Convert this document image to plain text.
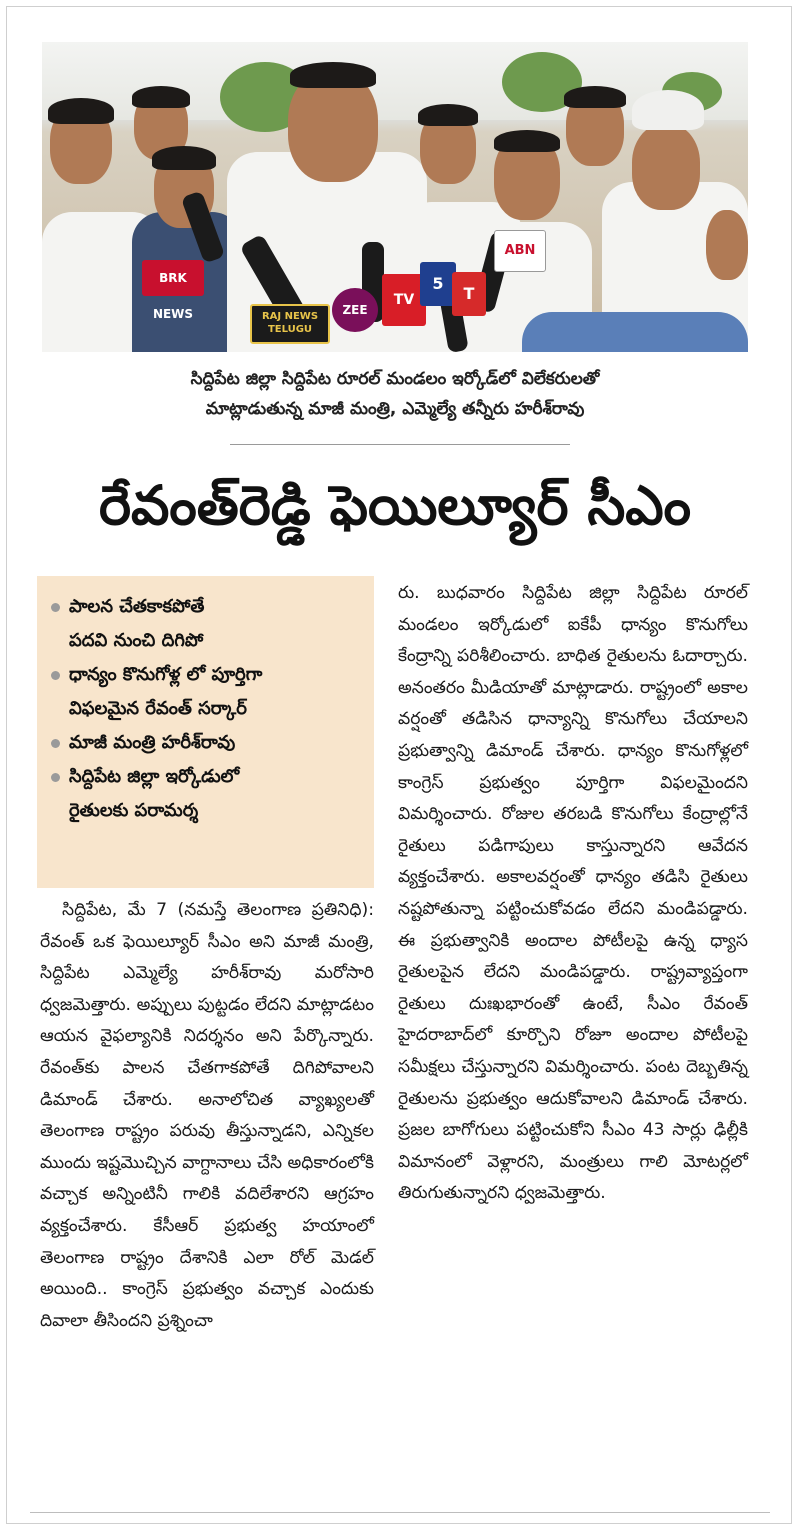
BRK NEWS	RAJ NEWS TELUGU
ABN
ZEE
TV
5
T
సిద్దిపేట జిల్లా సిద్దిపేట రూరల్ మండలం ఇర్కోడ్‌లో విలేకరులతో
మాట్లాడుతున్న మాజీ మంత్రి, ఎమ్మెల్యే తన్నీరు హరీశ్‌రావు
రేవంత్‌రెడ్డి ఫెయిల్యూర్ సీఎం
పాలన చేతకాకపోతే
పదవి నుంచి దిగిపో
ధాన్యం కొనుగోళ్ల లో పూర్తిగా
విఫలమైన రేవంత్ సర్కార్
మాజీ మంత్రి హరీశ్‌రావు
సిద్దిపేట జిల్లా ఇర్కోడులో
రైతులకు పరామర్శ

సిద్దిపేట, మే 7 (నమస్తే తెలంగాణ ప్రతినిధి): రేవంత్ ఒక ఫెయిల్యూర్ సీఎం అని మాజీ మంత్రి, సిద్దిపేట ఎమ్మెల్యే హరీశ్‌రావు మరోసారి ధ్వజమెత్తారు. అప్పులు పుట్టడం లేదని మాట్లాడటం ఆయన వైఫల్యానికి నిదర్శనం అని పేర్కొన్నారు. రేవంత్‌కు పాలన చేతగాకపోతే దిగిపోవాలని డిమాండ్ చేశారు. అనాలోచిత వ్యాఖ్యలతో తెలంగాణ రాష్ట్రం పరువు తీస్తున్నాడని, ఎన్నికల ముందు ఇష్టమొచ్చిన వాగ్దానాలు చేసి అధికారంలోకి వచ్చాక అన్నింటినీ గాలికి వదిలేశారని ఆగ్రహం వ్యక్తంచేశారు. కేసీఆర్ ప్రభుత్వ హయాంలో తెలంగాణ రాష్ట్రం దేశానికి ఎలా రోల్ మెడల్ అయింది.. కాంగ్రెస్ ప్రభుత్వం వచ్చాక ఎందుకు దివాలా తీసిందని ప్రశ్నించా

రు. బుధవారం సిద్దిపేట జిల్లా సిద్దిపేట రూరల్ మండలం ఇర్కోడులో ఐకేపీ ధాన్యం కొనుగోలు కేంద్రాన్ని పరిశీలించారు. బాధిత రైతులను ఓదార్చారు. అనంతరం మీడియాతో మాట్లాడారు. రాష్ట్రంలో అకాల వర్షంతో తడిసిన ధాన్యాన్ని కొనుగోలు చేయాలని ప్రభుత్వాన్ని డిమాండ్ చేశారు. ధాన్యం కొనుగోళ్లలో కాంగ్రెస్ ప్రభుత్వం పూర్తిగా విఫలమైందని విమర్శించారు. రోజుల తరబడి కొనుగోలు కేంద్రాల్లోనే రైతులు పడిగాపులు కాస్తున్నారని ఆవేదన వ్యక్తంచేశారు. అకాలవర్షంతో ధాన్యం తడిసి రైతులు నష్టపోతున్నా పట్టించుకోవడం లేదని మండిపడ్డారు. ఈ ప్రభుత్వానికి అందాల పోటీలపై ఉన్న ధ్యాస రైతులపైన లేదని మండిపడ్డారు. రాష్ట్రవ్యాప్తంగా రైతులు దుఃఖభారంతో ఉంటే, సీఎం రేవంత్ హైదరాబాద్‌లో కూర్చొని రోజూ అందాల పోటీలపై సమీక్షలు చేస్తున్నారని విమర్శించారు. పంట దెబ్బతిన్న రైతులను ప్రభుత్వం ఆదుకోవాలని డిమాండ్ చేశారు. ప్రజల బాగోగులు పట్టించుకోని సీఎం 43 సార్లు ఢిల్లీకి విమానంలో వెళ్లారని, మంత్రులు గాలి మోటర్లలో తిరుగుతున్నారని ధ్వజమెత్తారు.
